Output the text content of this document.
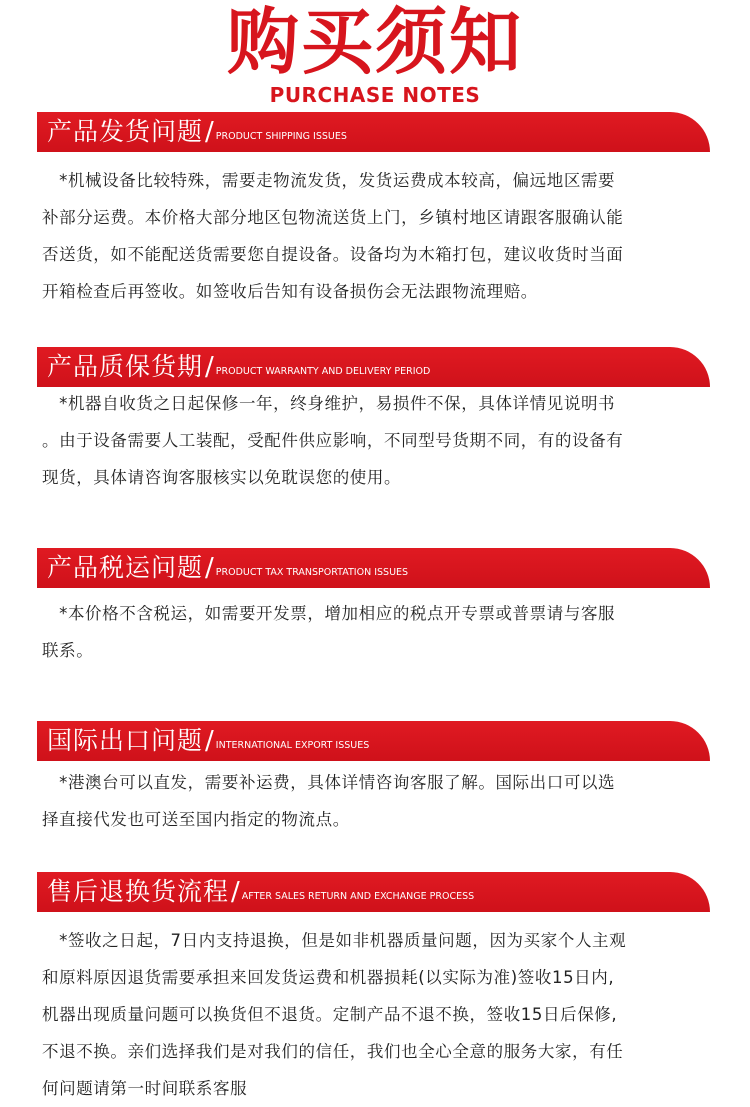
购买须知
PURCHASE NOTES
产品发货问题 / PRODUCT SHIPPING ISSUES

　*机械设备比较特殊，需要走物流发货，发货运费成本较高，偏远地区需要

补部分运费。本价格大部分地区包物流送货上门，乡镇村地区请跟客服确认能

否送货，如不能配送货需要您自提设备。设备均为木箱打包，建议收货时当面

开箱检查后再签收。如签收后告知有设备损伤会无法跟物流理赔。

产品质保货期 / PRODUCT WARRANTY AND DELIVERY PERIOD

　*机器自收货之日起保修一年，终身维护，易损件不保，具体详情见说明书

。由于设备需要人工装配，受配件供应影响，不同型号货期不同，有的设备有

现货，具体请咨询客服核实以免耽误您的使用。

产品税运问题 / PRODUCT TAX TRANSPORTATION ISSUES

　*本价格不含税运，如需要开发票，增加相应的税点开专票或普票请与客服

联系。

国际出口问题 / INTERNATIONAL EXPORT ISSUES

　*港澳台可以直发，需要补运费，具体详情咨询客服了解。国际出口可以选

择直接代发也可送至国内指定的物流点。

售后退换货流程 / AFTER SALES RETURN AND EXCHANGE PROCESS

　*签收之日起，7日内支持退换，但是如非机器质量问题，因为买家个人主观

和原料原因退货需要承担来回发货运费和机器损耗(以实际为准)签收15日内,

机器出现质量问题可以换货但不退货。定制产品不退不换，签收15日后保修,

不退不换。亲们选择我们是对我们的信任，我们也全心全意的服务大家，有任

何问题请第一时间联系客服
